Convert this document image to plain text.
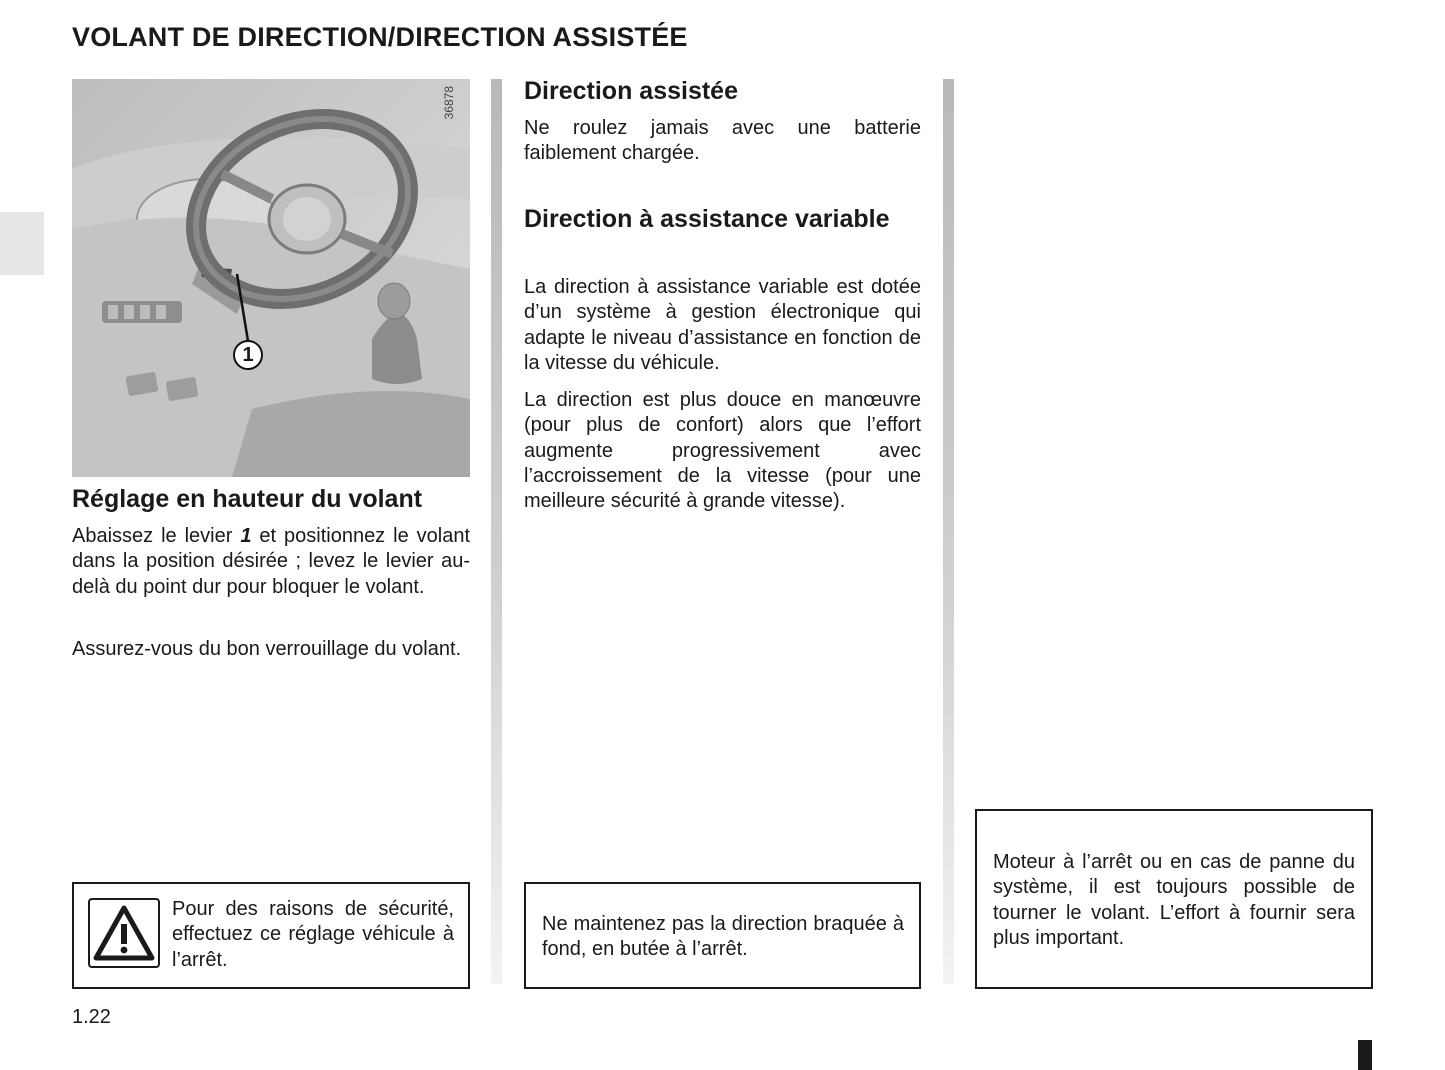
VOLANT DE DIRECTION/DIRECTION ASSISTÉE
36878
1
Réglage en hauteur du volant

Abaissez le levier 1 et positionnez le volant dans la position désirée ; levez le levier au-delà du point dur pour bloquer le volant.

Assurez-vous du bon verrouillage du volant.

Pour des raisons de sécurité, effectuez ce réglage véhicule à l’arrêt.

Direction assistée

Ne roulez jamais avec une batterie faiblement chargée.

Direction à assistance variable

La direction à assistance variable est dotée d’un système à gestion électronique qui adapte le niveau d’assistance en fonction de la vitesse du véhicule.

La direction est plus douce en manœuvre (pour plus de confort) alors que l’effort augmente progressivement avec l’accroissement de la vitesse (pour une meilleure sécurité à grande vitesse).

Ne maintenez pas la direction braquée à fond, en butée à l’arrêt.

Moteur à l’arrêt ou en cas de panne du système, il est toujours possible de tourner le volant. L’effort à fournir sera plus important.

1.22
